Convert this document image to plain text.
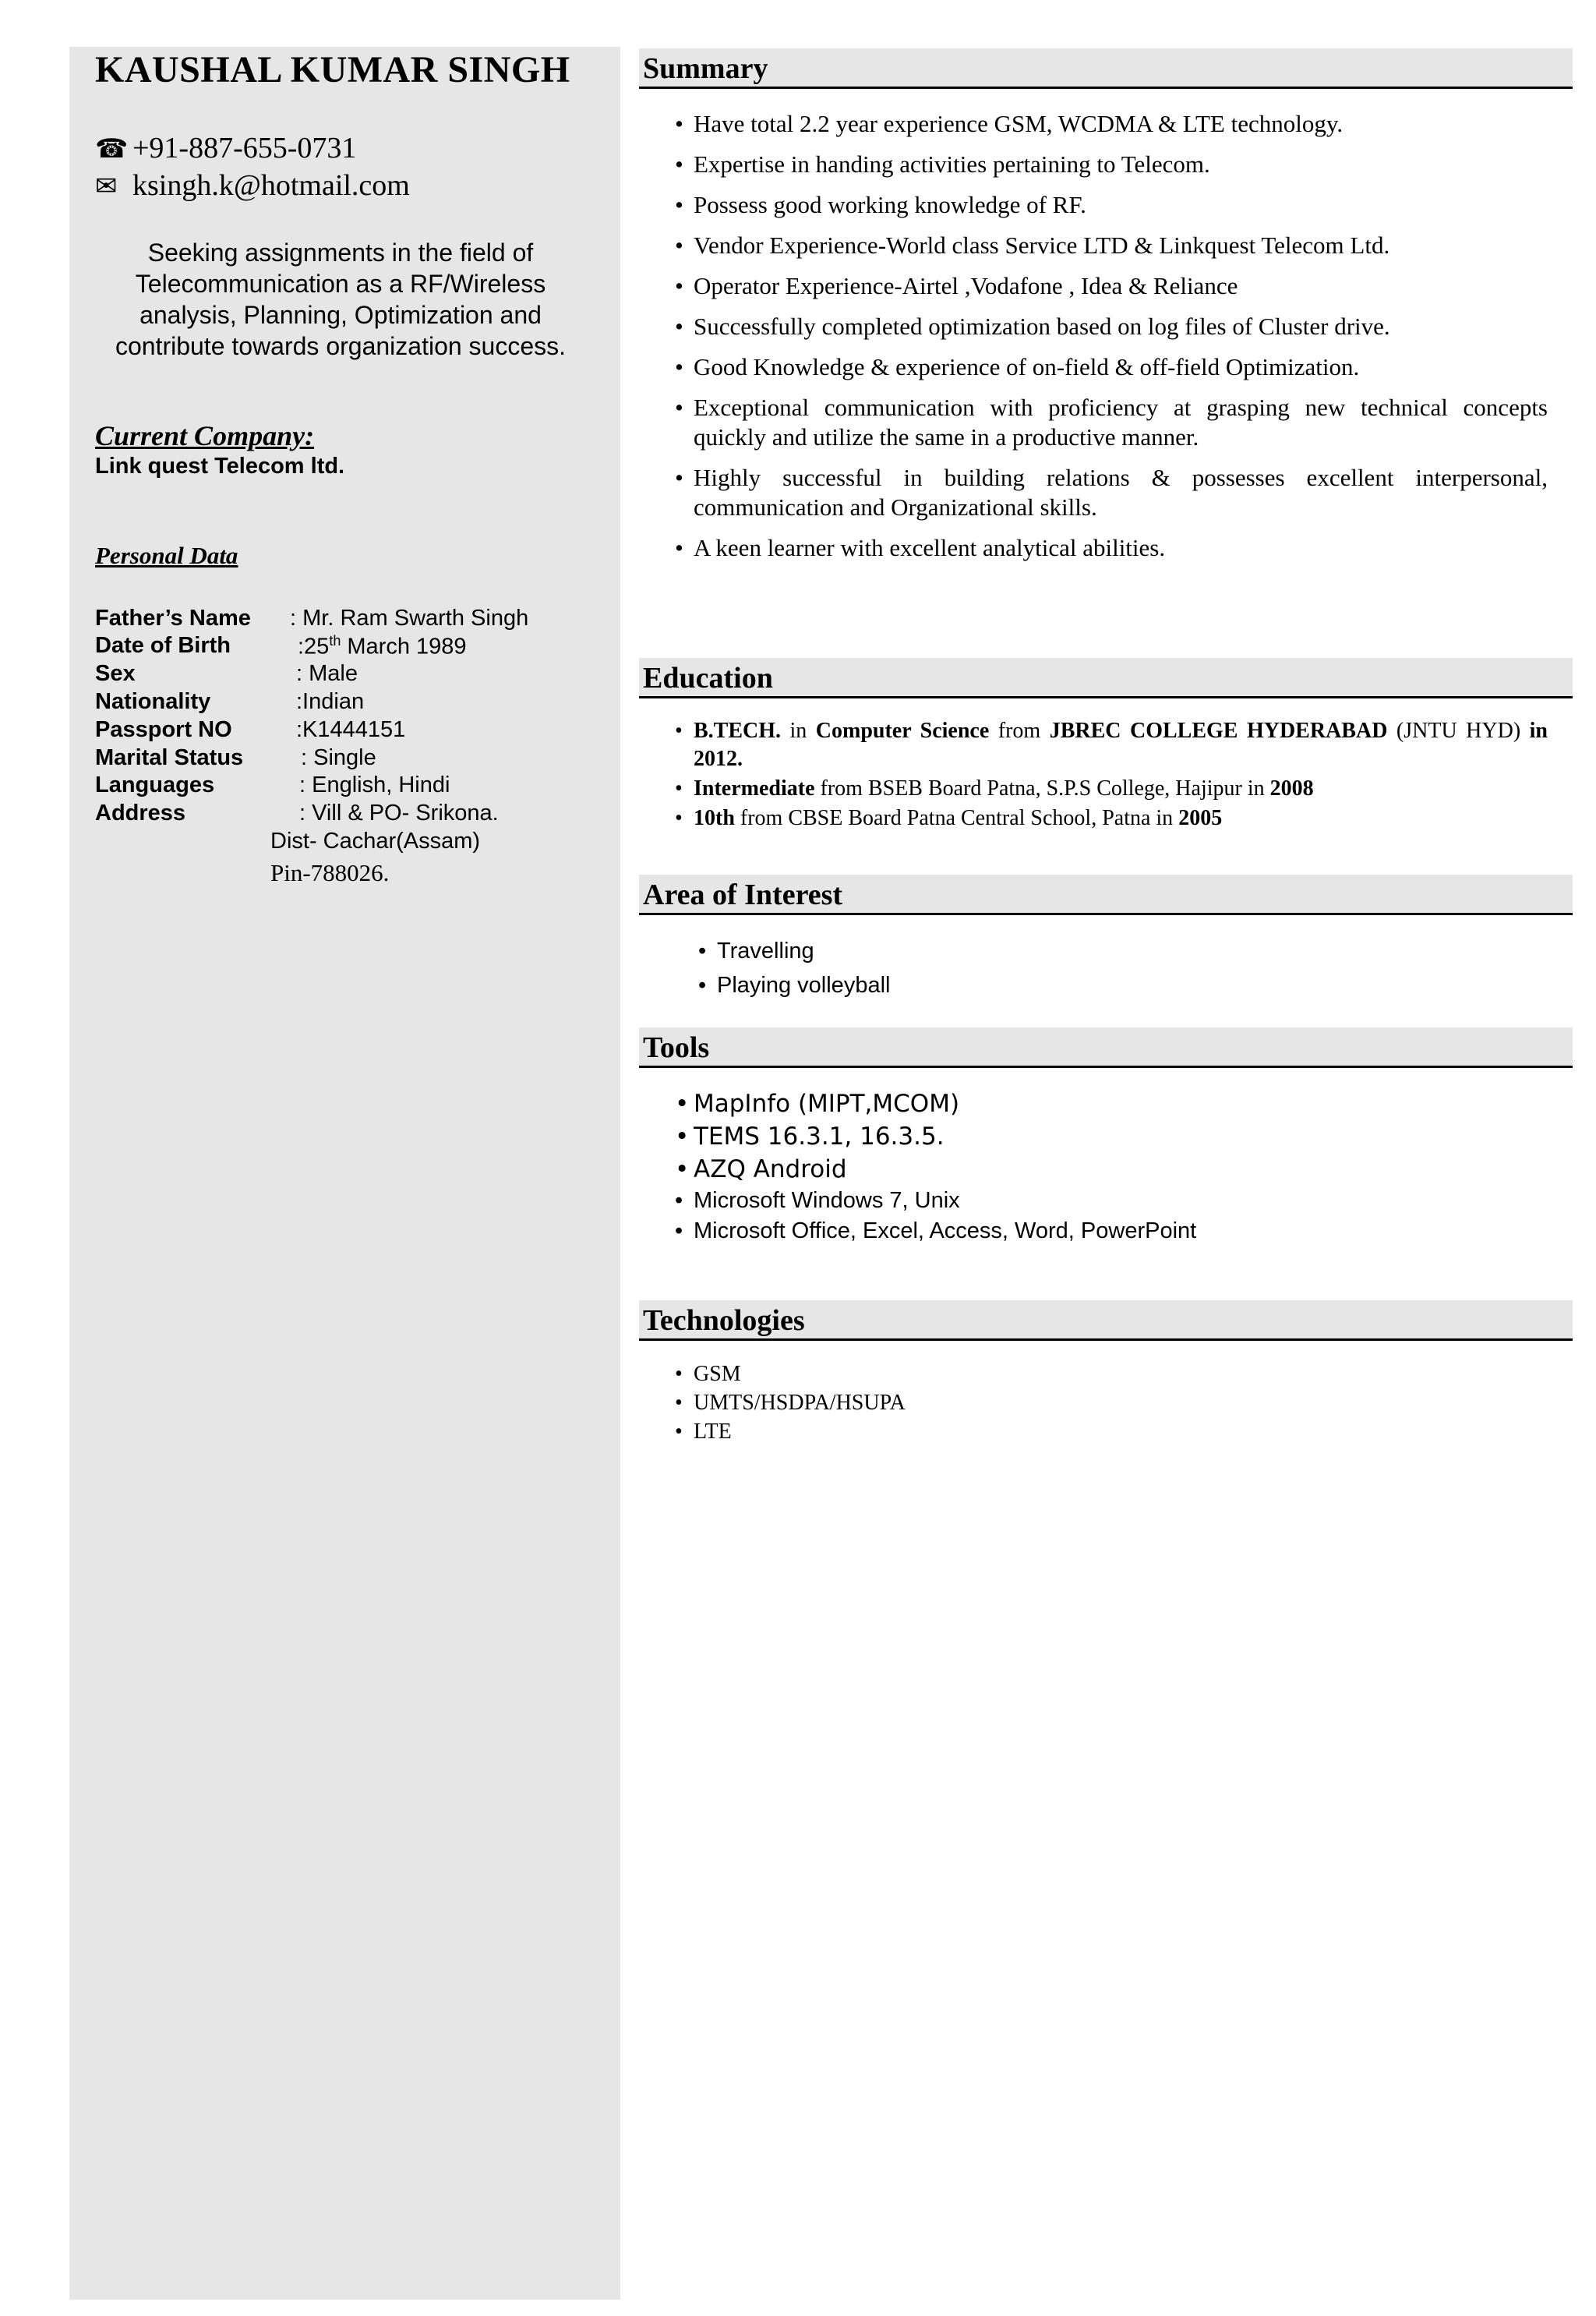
KAUSHAL KUMAR SINGH
☎ +91-887-655-0731
✉ ksingh.k@hotmail.com
Seeking assignments in the field of Telecommunication as a RF/Wireless analysis, Planning, Optimization and contribute towards organization success.
Current Company:
Link quest Telecom ltd.
Personal Data
Father’s Name : Mr. Ram Swarth Singh
Date of Birth	:25th March 1989
Sex	: Male
Nationality	:Indian
Passport NO	:K1444151
Marital Status	: Single
Languages	: English, Hindi
Address	: Vill & PO- Srikona.
Dist- Cachar(Assam)
Pin-788026.
Summary
• Have total 2.2 year experience GSM, WCDMA & LTE technology.
• Expertise in handing activities pertaining to Telecom.
• Possess good working knowledge of RF.
• Vendor Experience-World class Service LTD & Linkquest Telecom Ltd.
• Operator Experience-Airtel ,Vodafone , Idea & Reliance
• Successfully completed optimization based on log files of Cluster drive.
• Good Knowledge & experience of on-field & off-field Optimization.
• Exceptional communication with proficiency at grasping new technical concepts quickly and utilize the same in a productive manner.
• Highly successful in building relations & possesses excellent interpersonal, communication and Organizational skills.
• A keen learner with excellent analytical abilities.
Education
• B.TECH. in Computer Science from JBREC COLLEGE HYDERABAD (JNTU HYD) in 2012.
• Intermediate from BSEB Board Patna, S.P.S College, Hajipur in 2008
• 10th from CBSE Board Patna Central School, Patna in 2005
Area of Interest
• Travelling
• Playing volleyball
Tools
• MapInfo (MIPT,MCOM)
• TEMS 16.3.1, 16.3.5.
• AZQ Android
• Microsoft Windows 7, Unix
• Microsoft Office, Excel, Access, Word, PowerPoint
Technologies
• GSM
• UMTS/HSDPA/HSUPA
• LTE
